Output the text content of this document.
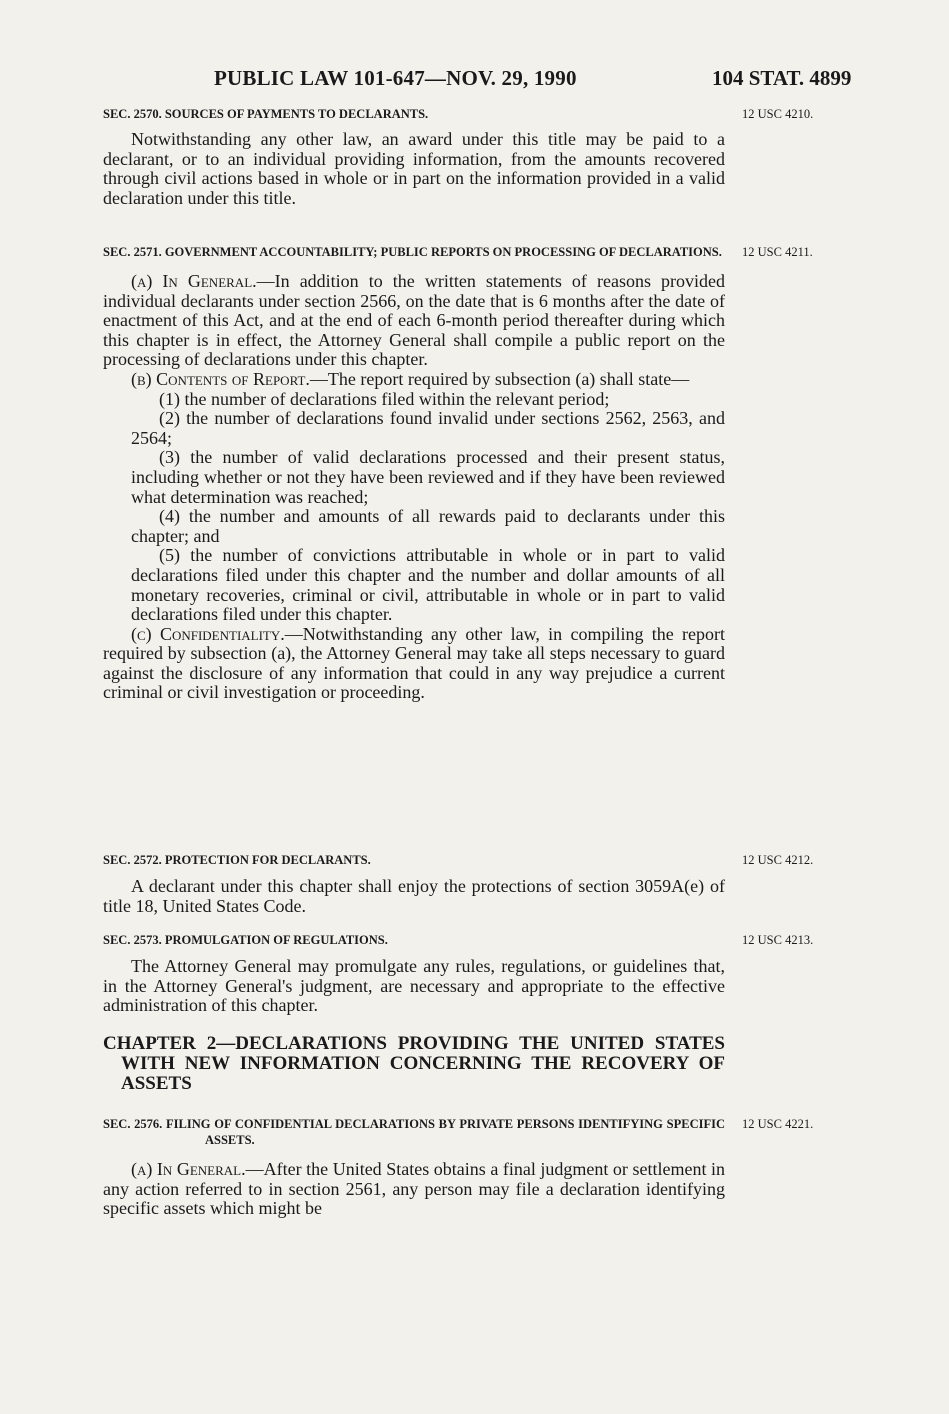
PUBLIC LAW 101-647—NOV. 29, 1990	104 STAT. 4899

SEC. 2570. SOURCES OF PAYMENTS TO DECLARANTS.

Notwithstanding any other law, an award under this title may be paid to a declarant, or to an individual providing information, from the amounts recovered through civil actions based in whole or in part on the information provided in a valid declaration under this title.

12 USC 4210.

SEC. 2571. GOVERNMENT ACCOUNTABILITY; PUBLIC REPORTS ON PROCESSING OF DECLARATIONS.

(a) In General.—In addition to the written statements of reasons provided individual declarants under section 2566, on the date that is 6 months after the date of enactment of this Act, and at the end of each 6-month period thereafter during which this chapter is in effect, the Attorney General shall compile a public report on the processing of declarations under this chapter.

(b) Contents of Report.—The report required by subsection (a) shall state—

(1) the number of declarations filed within the relevant period;

(2) the number of declarations found invalid under sections 2562, 2563, and 2564;

(3) the number of valid declarations processed and their present status, including whether or not they have been reviewed and if they have been reviewed what determination was reached;

(4) the number and amounts of all rewards paid to declarants under this chapter; and

(5) the number of convictions attributable in whole or in part to valid declarations filed under this chapter and the number and dollar amounts of all monetary recoveries, criminal or civil, attributable in whole or in part to valid declarations filed under this chapter.

(c) Confidentiality.—Notwithstanding any other law, in compiling the report required by subsection (a), the Attorney General may take all steps necessary to guard against the disclosure of any information that could in any way prejudice a current criminal or civil investigation or proceeding.

12 USC 4211.

SEC. 2572. PROTECTION FOR DECLARANTS.

A declarant under this chapter shall enjoy the protections of section 3059A(e) of title 18, United States Code.

12 USC 4212.

SEC. 2573. PROMULGATION OF REGULATIONS.

The Attorney General may promulgate any rules, regulations, or guidelines that, in the Attorney General's judgment, are necessary and appropriate to the effective administration of this chapter.

12 USC 4213.

CHAPTER 2—DECLARATIONS PROVIDING THE UNITED STATES WITH NEW INFORMATION CONCERNING THE RECOVERY OF ASSETS

SEC. 2576. FILING OF CONFIDENTIAL DECLARATIONS BY PRIVATE PERSONS IDENTIFYING SPECIFIC ASSETS.

(a) In General.—After the United States obtains a final judgment or settlement in any action referred to in section 2561, any person may file a declaration identifying specific assets which might be

12 USC 4221.
